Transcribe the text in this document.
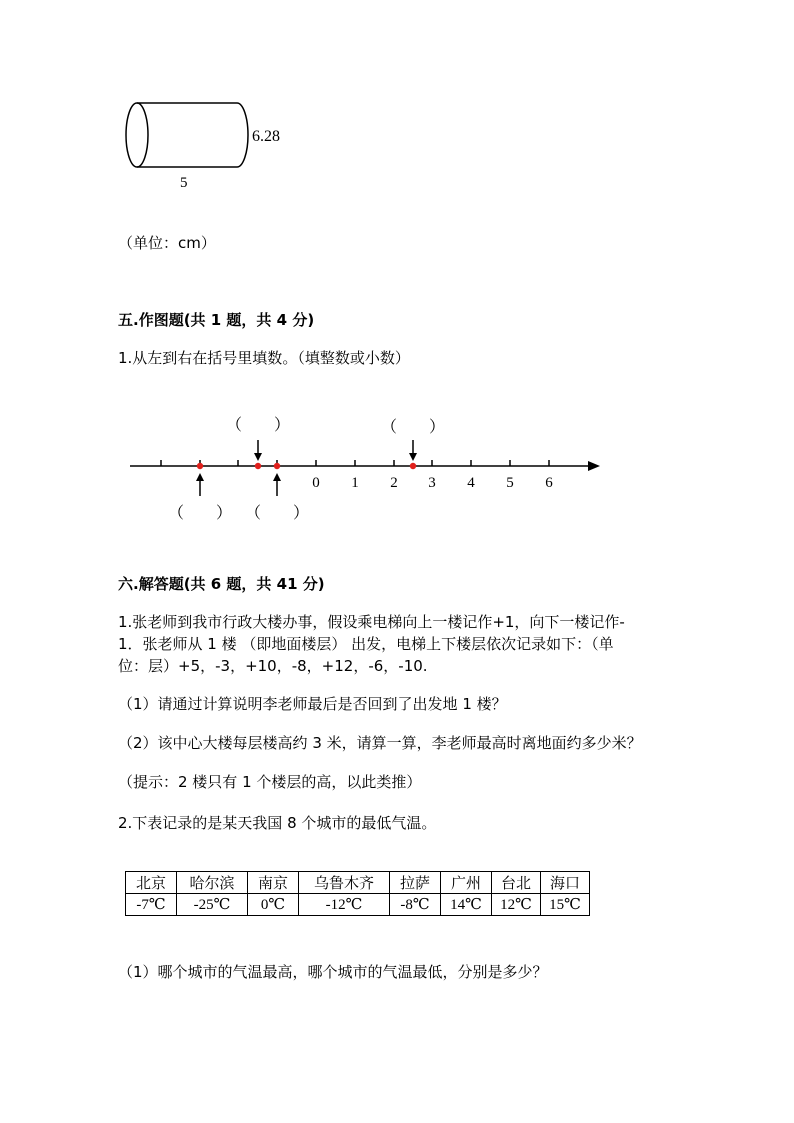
6.28
5
（单位：cm）
五.作图题(共 1 题，共 4 分)
1.从左到右在括号里填数。（填整数或小数）
0 1 2 3 4 5 6
（　　）	（　　）
（　　） （　　）
六.解答题(共 6 题，共 41 分)
1.张老师到我市行政大楼办事，假设乘电梯向上一楼记作+1，向下一楼记作-
1．张老师从 1 楼 （即地面楼层） 出发，电梯上下楼层依次记录如下：（单
位：层）+5，-3，+10，-8，+12，-6，-10.
（1）请通过计算说明李老师最后是否回到了出发地 1 楼？
（2）该中心大楼每层楼高约 3 米，请算一算，李老师最高时离地面约多少米？
（提示：2 楼只有 1 个楼层的高，以此类推）
2.下表记录的是某天我国 8 个城市的最低气温。
北京	哈尔滨	南京	乌鲁木齐	拉萨	广州	台北	海口
-7℃	-25℃	0℃	-12℃	-8℃	14℃	12℃	15℃
（1）哪个城市的气温最高，哪个城市的气温最低，分别是多少？
